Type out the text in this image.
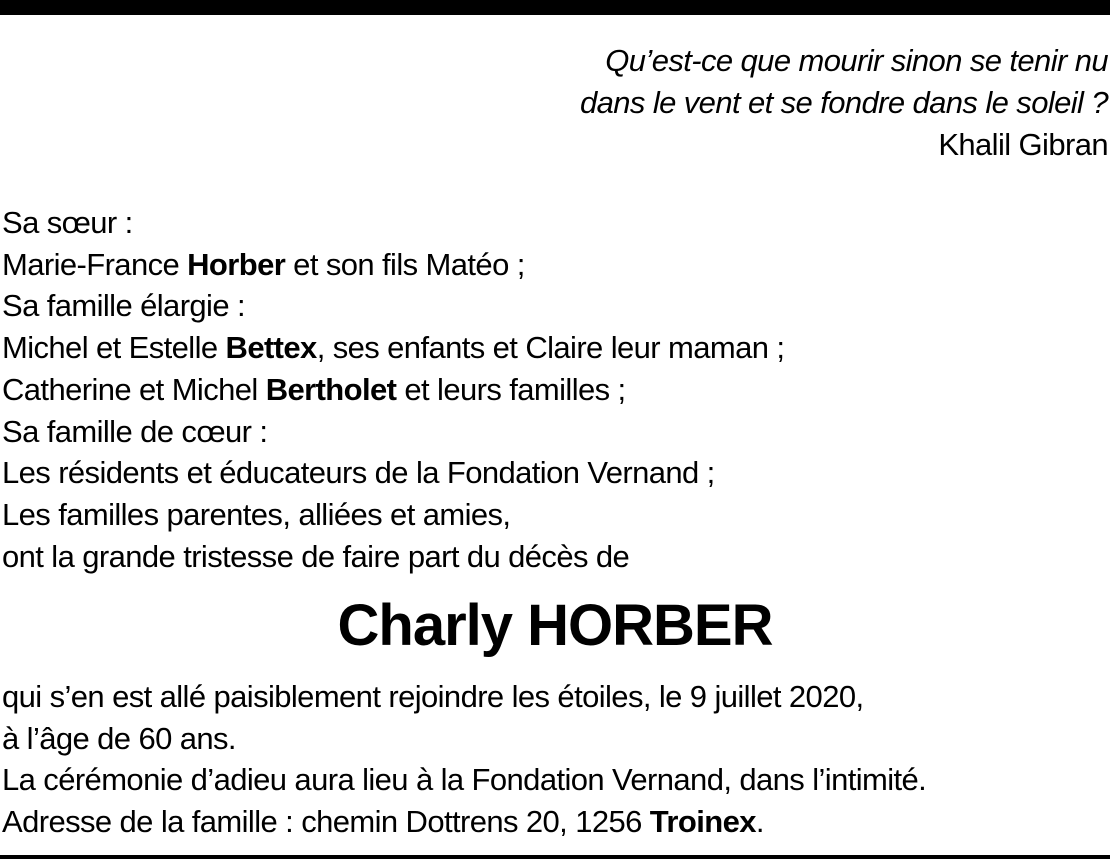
Qu’est-ce que mourir sinon se tenir nu
dans le vent et se fondre dans le soleil ?
Khalil Gibran
Sa sœur :
Marie-France Horber et son fils Matéo ;
Sa famille élargie :
Michel et Estelle Bettex, ses enfants et Claire leur maman ;
Catherine et Michel Bertholet et leurs familles ;
Sa famille de cœur :
Les résidents et éducateurs de la Fondation Vernand ;
Les familles parentes, alliées et amies,
ont la grande tristesse de faire part du décès de
Charly HORBER
qui s’en est allé paisiblement rejoindre les étoiles, le 9 juillet 2020,
à l’âge de 60 ans.
La cérémonie d’adieu aura lieu à la Fondation Vernand, dans l’intimité.
Adresse de la famille : chemin Dottrens 20, 1256 Troinex.
